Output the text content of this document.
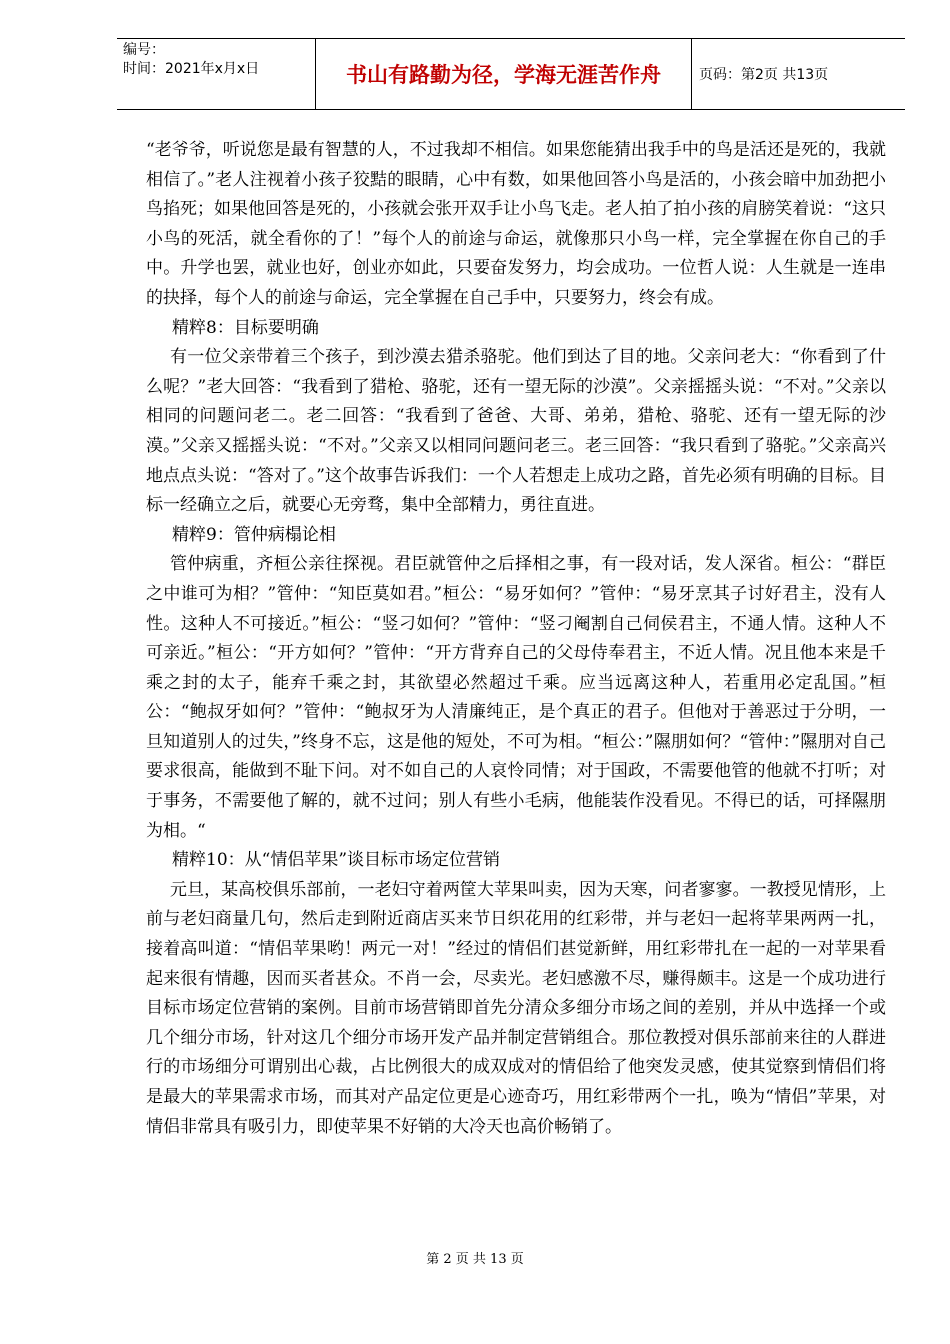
编号：
时间：2021年x月x日	书山有路勤为径，学海无涯苦作舟	页码：第2页 共13页

“老爷爷，听说您是最有智慧的人，不过我却不相信。如果您能猜出我手中的鸟是活还是死的，我就相信了。”老人注视着小孩子狡黠的眼睛，心中有数，如果他回答小鸟是活的，小孩会暗中加劲把小鸟掐死；如果他回答是死的，小孩就会张开双手让小鸟飞走。老人拍了拍小孩的肩膀笑着说：“这只小鸟的死活，就全看你的了！”每个人的前途与命运，就像那只小鸟一样，完全掌握在你自己的手中。升学也罢，就业也好，创业亦如此，只要奋发努力，均会成功。一位哲人说：人生就是一连串的抉择，每个人的前途与命运，完全掌握在自己手中，只要努力，终会有成。

精粹8：目标要明确

有一位父亲带着三个孩子，到沙漠去猎杀骆驼。他们到达了目的地。父亲问老大：“你看到了什么呢？”老大回答：“我看到了猎枪、骆驼，还有一望无际的沙漠”。父亲摇摇头说：“不对。”父亲以相同的问题问老二。老二回答：“我看到了爸爸、大哥、弟弟，猎枪、骆驼、还有一望无际的沙漠。”父亲又摇摇头说：“不对。”父亲又以相同问题问老三。老三回答：“我只看到了骆驼。”父亲高兴地点点头说：“答对了。”这个故事告诉我们：一个人若想走上成功之路，首先必须有明确的目标。目标一经确立之后，就要心无旁骛，集中全部精力，勇往直进。

精粹9：管仲病榻论相

管仲病重，齐桓公亲往探视。君臣就管仲之后择相之事，有一段对话，发人深省。桓公：“群臣之中谁可为相？”管仲：“知臣莫如君。”桓公：“易牙如何？”管仲：“易牙烹其子讨好君主，没有人性。这种人不可接近。”桓公：“竖刁如何？”管仲：“竖刁阉割自己伺侯君主，不通人情。这种人不可亲近。”桓公：“开方如何？”管仲：“开方背弃自己的父母侍奉君主，不近人情。况且他本来是千乘之封的太子，能弃千乘之封，其欲望必然超过千乘。应当远离这种人，若重用必定乱国。”桓公：“鲍叔牙如何？”管仲：“鲍叔牙为人清廉纯正，是个真正的君子。但他对于善恶过于分明，一旦知道别人的过失，”终身不忘，这是他的短处，不可为相。“桓公：”隰朋如何？“管仲：”隰朋对自己要求很高，能做到不耻下问。对不如自己的人哀怜同情；对于国政，不需要他管的他就不打听；对于事务，不需要他了解的，就不过问；别人有些小毛病，他能装作没看见。不得已的话，可择隰朋为相。“

精粹10：从“情侣苹果”谈目标市场定位营销

元旦，某高校俱乐部前，一老妇守着两筐大苹果叫卖，因为天寒，问者寥寥。一教授见情形，上前与老妇商量几句，然后走到附近商店买来节日织花用的红彩带，并与老妇一起将苹果两两一扎，接着高叫道：“情侣苹果哟！两元一对！”经过的情侣们甚觉新鲜，用红彩带扎在一起的一对苹果看起来很有情趣，因而买者甚众。不肖一会，尽卖光。老妇感激不尽，赚得颇丰。这是一个成功进行目标市场定位营销的案例。目前市场营销即首先分清众多细分市场之间的差别，并从中选择一个或几个细分市场，针对这几个细分市场开发产品并制定营销组合。那位教授对俱乐部前来往的人群进行的市场细分可谓别出心裁，占比例很大的成双成对的情侣给了他突发灵感，使其觉察到情侣们将是最大的苹果需求市场，而其对产品定位更是心迹奇巧，用红彩带两个一扎，唤为“情侣”苹果，对情侣非常具有吸引力，即使苹果不好销的大冷天也高价畅销了。

第 2 页 共 13 页
